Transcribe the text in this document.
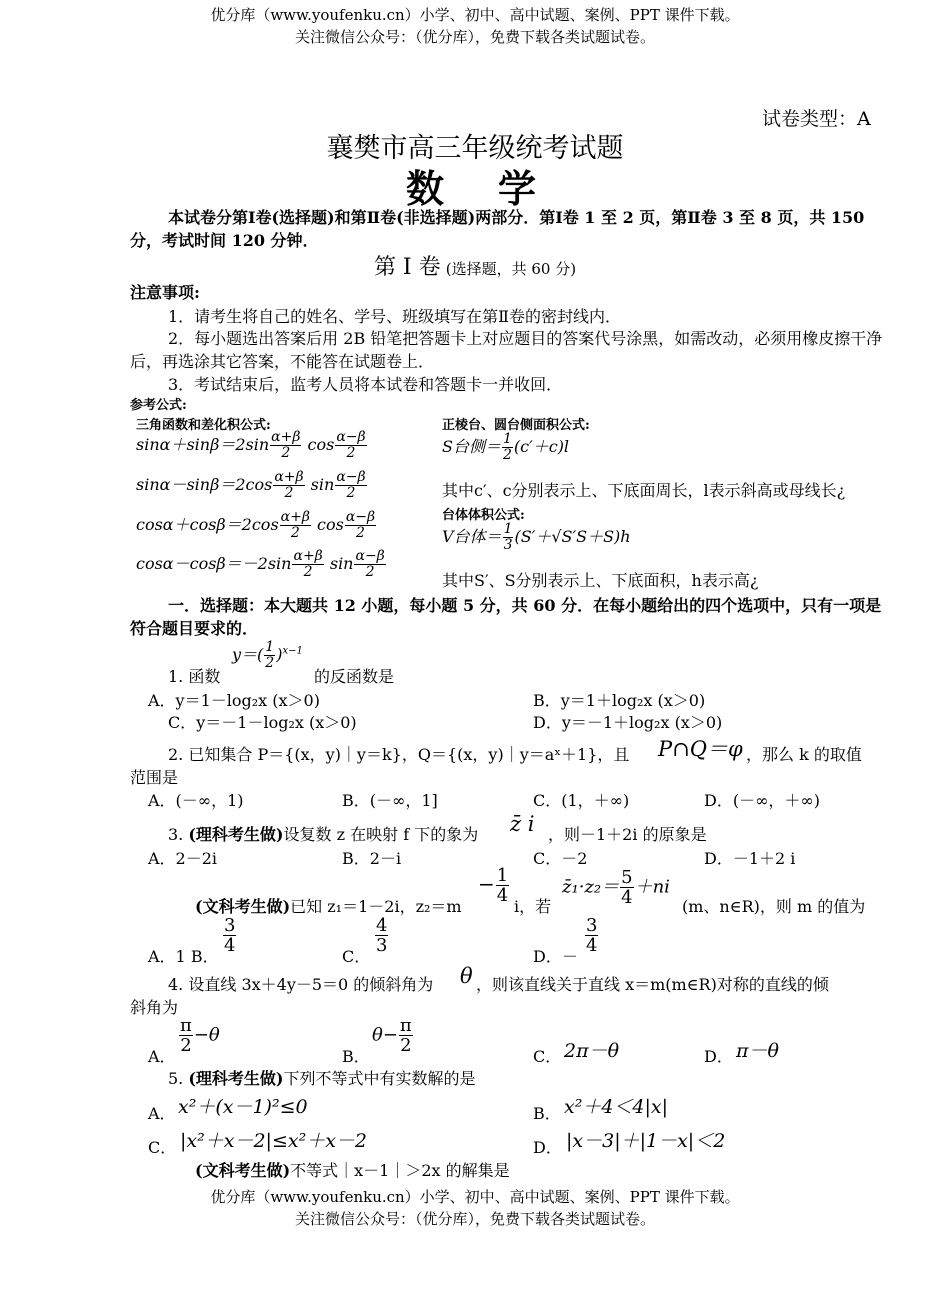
优分库（www.youfenku.cn）小学、初中、高中试题、案例、PPT 课件下载。
关注微信公众号：（优分库），免费下载各类试题试卷。
试卷类型：A
襄樊市高三年级统考试题
数　学
本试卷分第Ⅰ卷(选择题)和第Ⅱ卷(非选择题)两部分．第Ⅰ卷 1 至 2 页，第Ⅱ卷 3 至 8 页，共 150 分，考试时间 120 分钟．
第 Ⅰ 卷 (选择题，共 60 分)
注意事项:
1．请考生将自己的姓名、学号、班级填写在第Ⅱ卷的密封线内．
2．每小题选出答案后用 2B 铅笔把答题卡上对应题目的答案代号涂黑，如需改动，必须用橡皮擦干净后，再选涂其它答案，不能答在试题卷上．
3．考试结束后，监考人员将本试卷和答题卡一并收回．
参考公式:
三角函数和差化积公式:
$\sin\alpha+\sin\beta=2\sin \frac{\alpha+\beta}{2}$ $\cos \frac{\alpha-\beta}{2}$
$\sin\alpha-\sin\beta=2\cos \frac{\alpha+\beta}{2}$ $\sin \frac{\alpha-\beta}{2}$
$\cos\alpha+\cos\beta=2\cos \frac{\alpha+\beta}{2}$ $\cos \frac{\alpha-\beta}{2}$
$\cos\alpha-\cos\beta=-2\sin \frac{\alpha+\beta}{2}$ $\sin \frac{\alpha-\beta}{2}$
正棱台、圆台侧面积公式:
S台侧＝ $\frac{1}{2} (c'+c)l$
其中c′、c分别表示上、下底面周长，l表示斜高或母线长¿
台体体积公式:
V台体＝ $\frac{1}{3} (S'+√S'S+S)h$
其中S′、S分别表示上、下底面积，h表示高¿
一．选择题：本大题共 12 小题，每小题 5 分，共 60 分．在每小题给出的四个选项中，只有一项是符合题目要求的．
1. 函数
$y=( \frac{1}{2} )^{x-1}$
的反函数是
A．y＝1－log₂x (x＞0)	B．y＝1＋log₂x (x＞0)
C．y＝－1－log₂x (x＞0)	D．y＝－1＋log₂x (x＞0)
2. 已知集合 P＝{(x，y)｜y＝k}，Q＝{(x，y)｜y＝aˣ＋1}，且 P∩Q＝φ ，那么 k 的取值
范围是
A．(－∞，1)	B．(－∞，1]	C．(1，＋∞)	D．(－∞，＋∞)
3. (理科考生做)设复数 z 在映射 f 下的象为 z̄ i ，则－1＋2i 的原象是
A．2－2i	B．2－i	C．－2	D．－1＋2 i
(文科考生做)已知 z₁＝1－2i，z₂＝m
− $\frac{1}{4}$
i，若
z̄₁·z₂＝ $\frac{5}{4} +ni$
(m、n∈R)，则 m 的值为
A．1 B．
$\frac{3}{4}$
C．
$\frac{4}{3}$
D．－
$\frac{3}{4}$
4. 设直线 3x＋4y－5＝0 的倾斜角为 θ ，则该直线关于直线 x＝m(m∈R)对称的直线的倾
斜角为
A．
$\frac{\pi}{2} -\theta$
B．
$\theta- \frac{\pi}{2}$
C． 2π－θ	D． π－θ
5. (理科考生做)下列不等式中有实数解的是
A． x²＋(x－1)²≤0	B． x²＋4＜4|x|
C． |x²＋x－2|≤x²＋x－2	D． |x－3|＋|1－x|＜2
(文科考生做)不等式｜x－1｜＞2x 的解集是
优分库（www.youfenku.cn）小学、初中、高中试题、案例、PPT 课件下载。
关注微信公众号：（优分库），免费下载各类试题试卷。
